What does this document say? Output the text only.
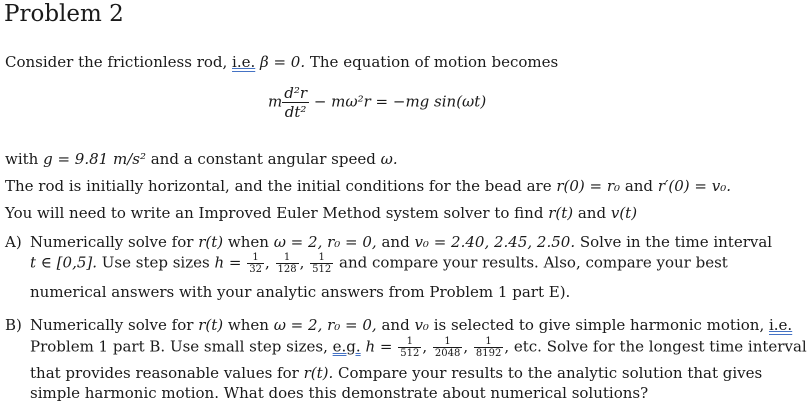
Problem 2
Consider the frictionless rod, i.e. β = 0. The equation of motion becomes
m $\frac{\text{d²r}}{\text{dt²}} - m\omega^2r = -mg$ sin(ωt)
with g = 9.81 m/s² and a constant angular speed ω.
The rod is initially horizontal, and the initial conditions for the bead are r(0) = r₀ and r′(0) = v₀.
You will need to write an Improved Euler Method system solver to find r(t) and v(t)
A) Numerically solve for r(t) when ω = 2, r₀ = 0, and v₀ = 2.40, 2.45, 2.50. Solve in the time interval
t ∈ [0,5]. Use step sizes $h = \frac{1}{32}$ , $\frac{1}{128}$ , $\frac{1}{512}$ and compare your results. Also, compare your best
numerical answers with your analytic answers from Problem 1 part E).
B) Numerically solve for r(t) when ω = 2, r₀ = 0, and v₀ is selected to give simple harmonic motion, i.e.
Problem 1 part B. Use small step sizes, e.g. $h = \frac{1}{512}$ , $\frac{1}{2048}$ , $\frac{1}{8192}$ , etc. Solve for the longest time interval
that provides reasonable values for r(t). Compare your results to the analytic solution that gives
simple harmonic motion. What does this demonstrate about numerical solutions?
